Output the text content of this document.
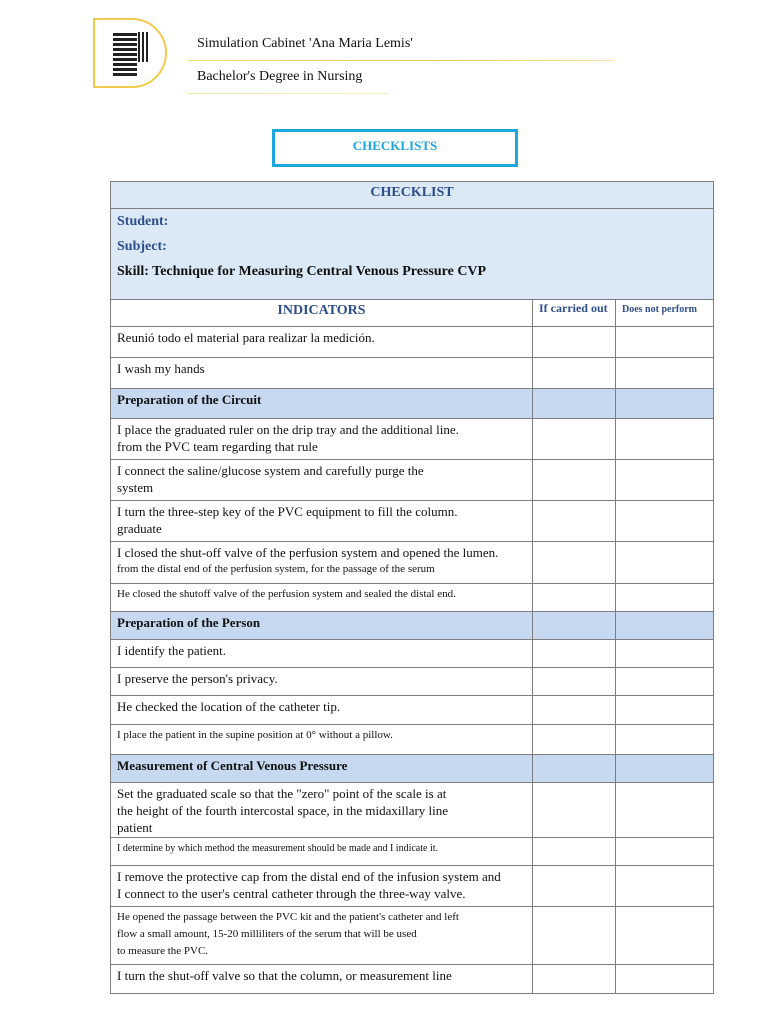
Simulation Cabinet 'Ana Maria Lemis'
Bachelor's Degree in Nursing
CHECKLISTS
CHECKLIST		

Student:
Subject:
Skill: Technique for Measuring Central Venous Pressure CVP		

INDICATORS	If carried out	Does not perform

Reunió todo el material para realizar la medición.		

I wash my hands		

Preparation of the Circuit		

I place the graduated ruler on the drip tray and the additional line.
from the PVC team regarding that rule		

I connect the saline/glucose system and carefully purge the
system		

I turn the three-step key of the PVC equipment to fill the column.
graduate		

I closed the shut-off valve of the perfusion system and opened the lumen.
from the distal end of the perfusion system, for the passage of the serum		

He closed the shutoff valve of the perfusion system and sealed the distal end.		

Preparation of the Person		

I identify the patient.		

I preserve the person's privacy.		

He checked the location of the catheter tip.		

I place the patient in the supine position at 0° without a pillow.		

Measurement of Central Venous Pressure		

Set the graduated scale so that the "zero" point of the scale is at
the height of the fourth intercostal space, in the midaxillary line
patient		

I determine by which method the measurement should be made and I indicate it.		

I remove the protective cap from the distal end of the infusion system and
I connect to the user's central catheter through the three-way valve.		

He opened the passage between the PVC kit and the patient's catheter and left
flow a small amount, 15-20 milliliters of the serum that will be used
to measure the PVC.		

I turn the shut-off valve so that the column, or measurement line		
